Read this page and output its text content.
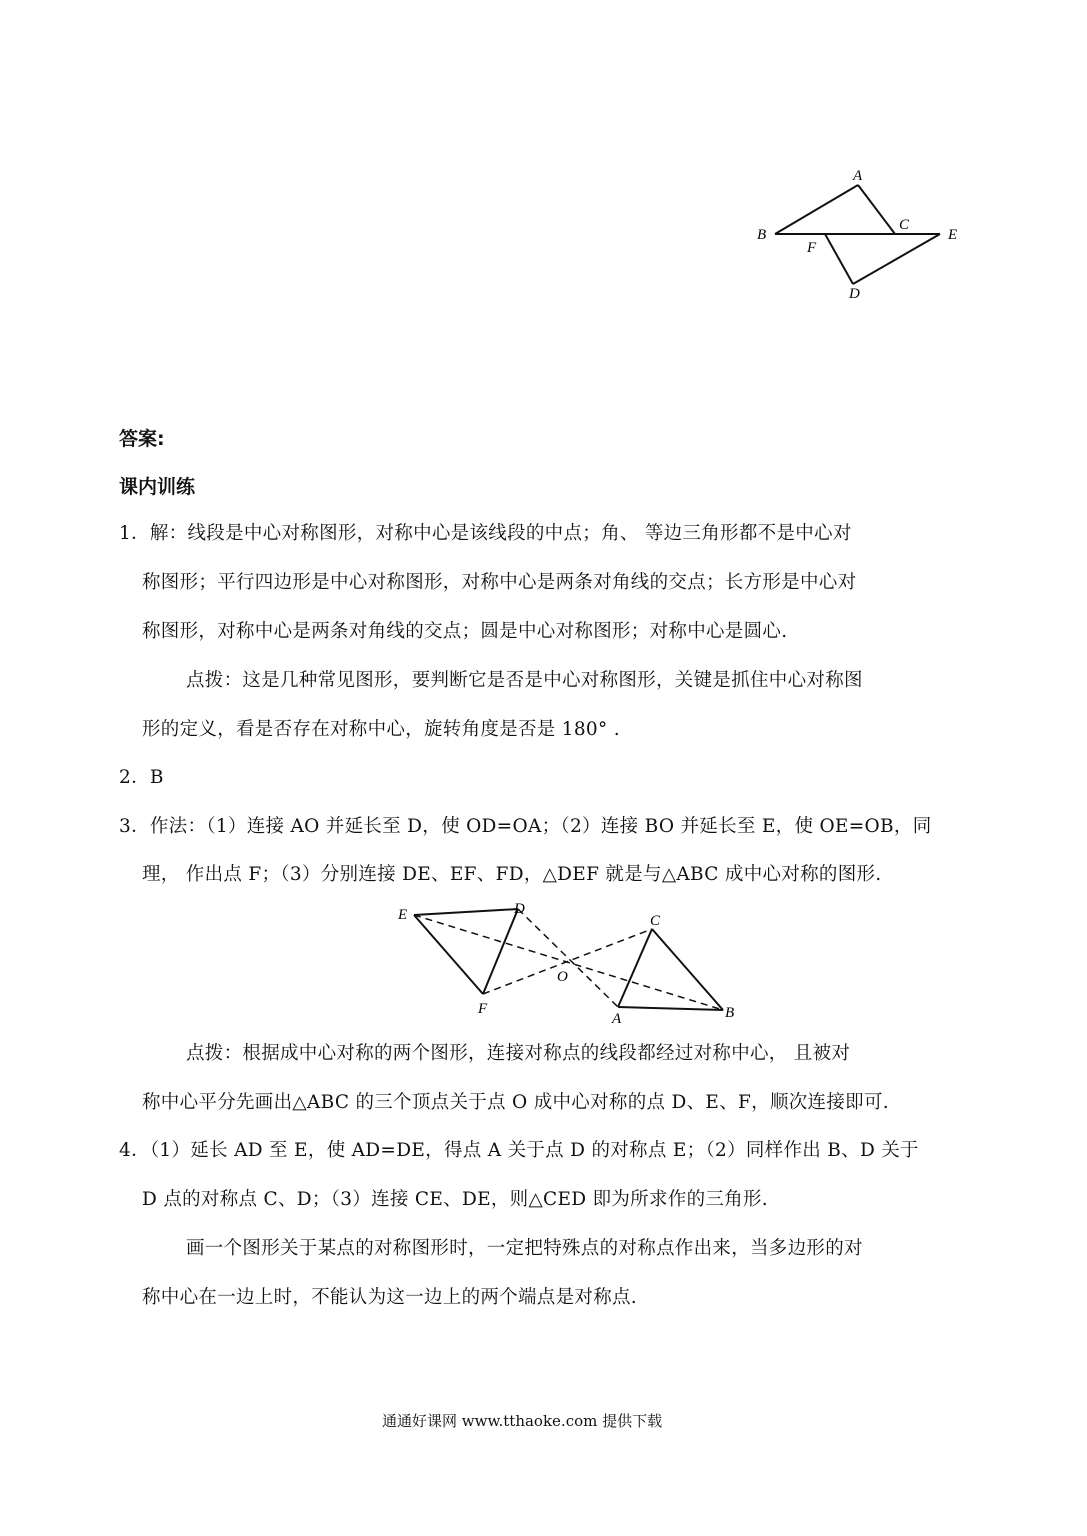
A
B
C
E
F
D
答案:
课内训练
1．解：线段是中心对称图形，对称中心是该线段的中点；角、 等边三角形都不是中心对
称图形；平行四边形是中心对称图形，对称中心是两条对角线的交点；长方形是中心对
称图形，对称中心是两条对角线的交点；圆是中心对称图形；对称中心是圆心.
点拨：这是几种常见图形，要判断它是否是中心对称图形，关键是抓住中心对称图
形的定义，看是否存在对称中心，旋转角度是否是 180° .
2．B
3．作法：（1）连接 AO 并延长至 D，使 OD=OA；（2）连接 BO 并延长至 E，使 OE=OB，同
理， 作出点 F；（3）分别连接 DE、EF、FD，△DEF 就是与△ABC 成中心对称的图形.
E	D
C
O
F
A	B
点拨：根据成中心对称的两个图形，连接对称点的线段都经过对称中心， 且被对
称中心平分先画出△ABC 的三个顶点关于点 O 成中心对称的点 D、E、F，顺次连接即可.
4．（1）延长 AD 至 E，使 AD=DE，得点 A 关于点 D 的对称点 E；（2）同样作出 B、D 关于
D 点的对称点 C、D；（3）连接 CE、DE，则△CED 即为所求作的三角形.
画一个图形关于某点的对称图形时，一定把特殊点的对称点作出来，当多边形的对
称中心在一边上时，不能认为这一边上的两个端点是对称点.
通通好课网 www.tthaoke.com 提供下载
